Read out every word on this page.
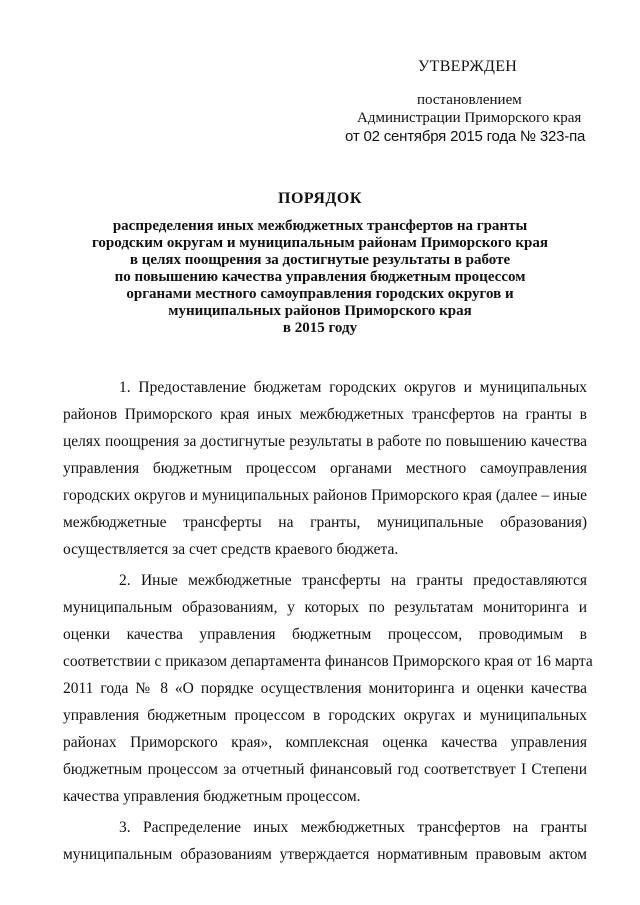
УТВЕРЖДЕН
постановлением
Администрации Приморского края
от 02 сентября 2015 года № 323-па
ПОРЯДОК
распределения иных межбюджетных трансфертов на гранты
городским округам и муниципальным районам Приморского края
в целях поощрения за достигнутые результаты в работе
по повышению качества управления бюджетным процессом
органами местного самоуправления городских округов и
муниципальных районов Приморского края
в 2015 году
1. Предоставление бюджетам городских округов и муниципальных
районов Приморского края иных межбюджетных трансфертов на гранты в
целях поощрения за достигнутые результаты в работе по повышению качества
управления бюджетным процессом органами местного самоуправления
городских округов и муниципальных районов Приморского края (далее – иные
межбюджетные трансферты на гранты, муниципальные образования)
осуществляется за счет средств краевого бюджета.
2. Иные межбюджетные трансферты на гранты предоставляются
муниципальным образованиям, у которых по результатам мониторинга и
оценки качества управления бюджетным процессом, проводимым в
соответствии с приказом департамента финансов Приморского края от 16 марта
2011 года № 8 «О порядке осуществления мониторинга и оценки качества
управления бюджетным процессом в городских округах и муниципальных
районах Приморского края», комплексная оценка качества управления
бюджетным процессом за отчетный финансовый год соответствует I Степени
качества управления бюджетным процессом.
3. Распределение иных межбюджетных трансфертов на гранты
муниципальным образованиям утверждается нормативным правовым актом
